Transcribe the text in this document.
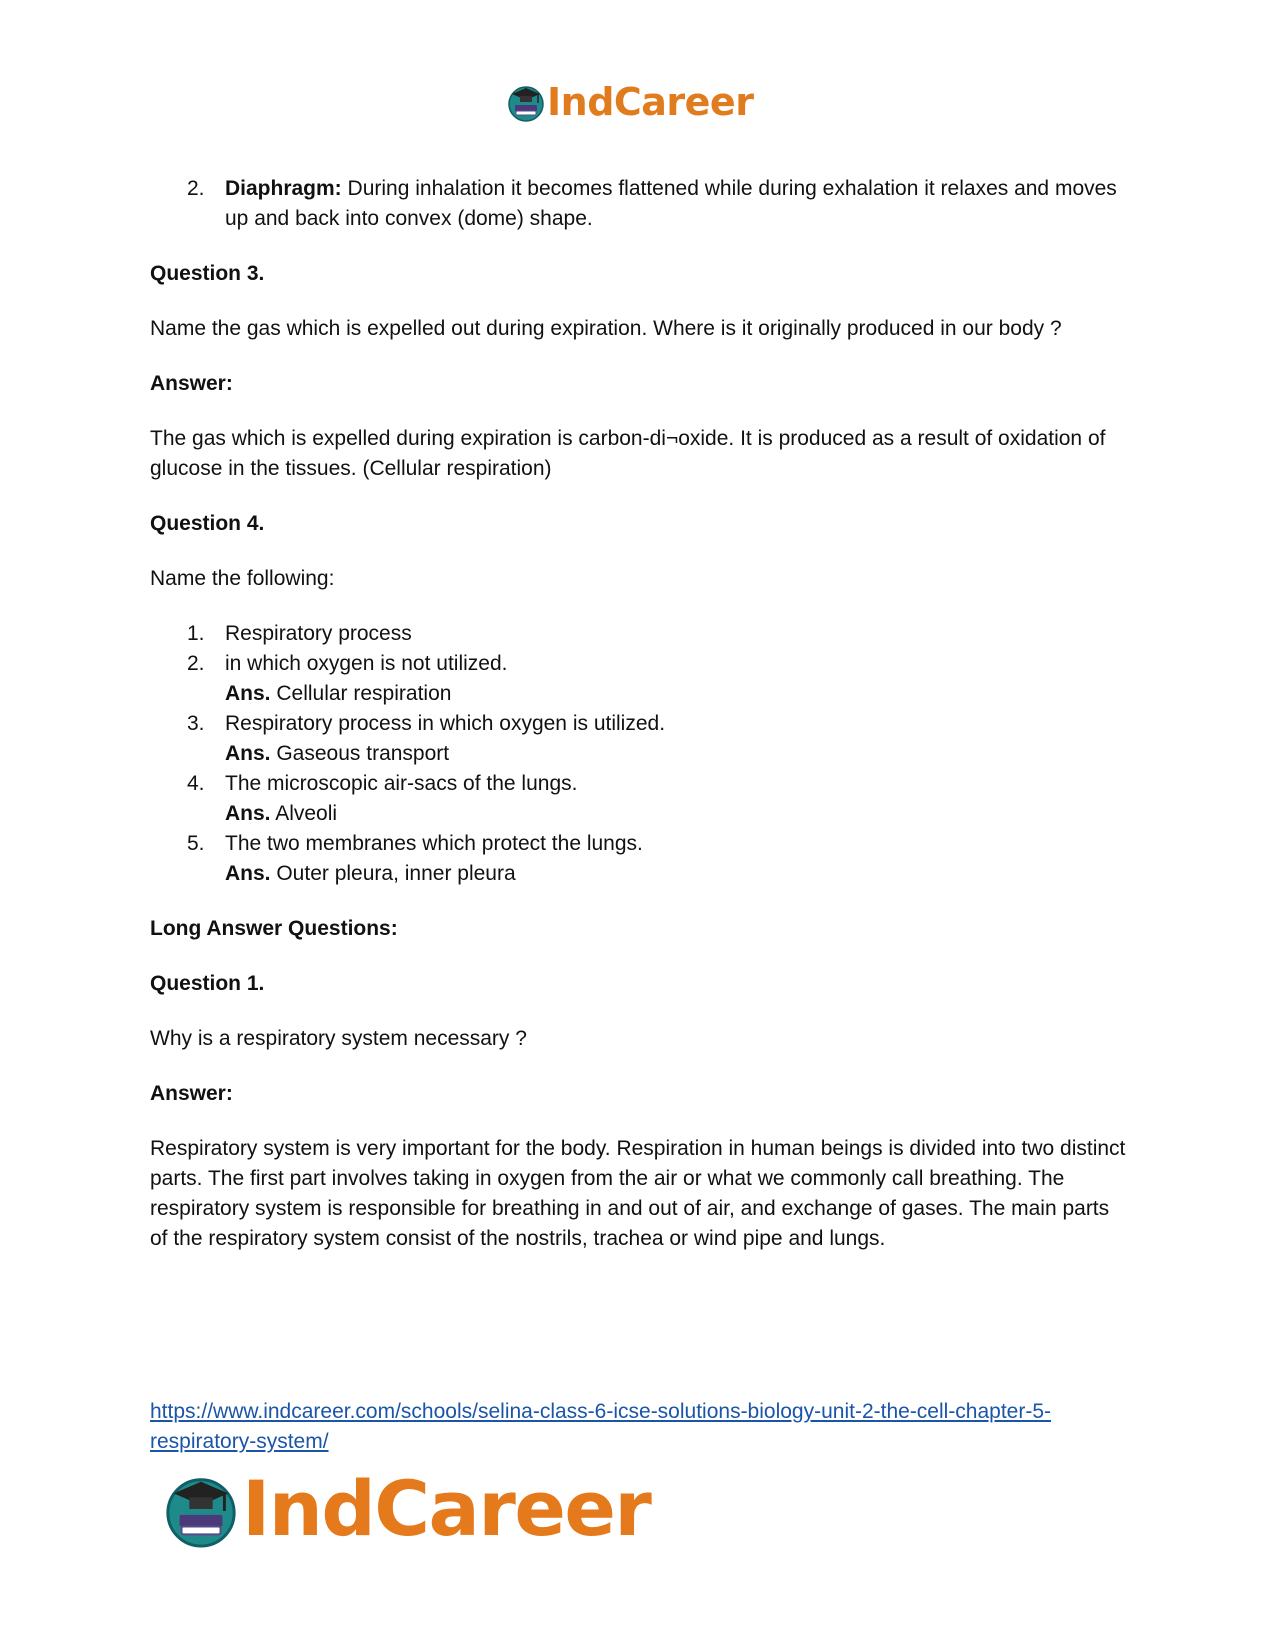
IndCareer
2. Diaphragm: During inhalation it becomes flattened while during exhalation it relaxes and moves up and back into convex (dome) shape.

Question 3.

Name the gas which is expelled out during expiration. Where is it originally produced in our body ?

Answer:

The gas which is expelled during expiration is carbon-di¬oxide. It is produced as a result of oxidation of glucose in the tissues. (Cellular respiration)

Question 4.

Name the following:

1. Respiratory process
2. in which oxygen is not utilized.
Ans. Cellular respiration
3. Respiratory process in which oxygen is utilized.
Ans. Gaseous transport
4. The microscopic air-sacs of the lungs.
Ans. Alveoli
5. The two membranes which protect the lungs.
Ans. Outer pleura, inner pleura

Long Answer Questions:

Question 1.

Why is a respiratory system necessary ?

Answer:

Respiratory system is very important for the body. Respiration in human beings is divided into two distinct parts. The first part involves taking in oxygen from the air or what we commonly call breathing. The respiratory system is responsible for breathing in and out of air, and exchange of gases. The main parts of the respiratory system consist of the nostrils, trachea or wind pipe and lungs.

https://www.indcareer.com/schools/selina-class-6-icse-solutions-biology-unit-2-the-cell-chapter-5-respiratory-system/
IndCareer
